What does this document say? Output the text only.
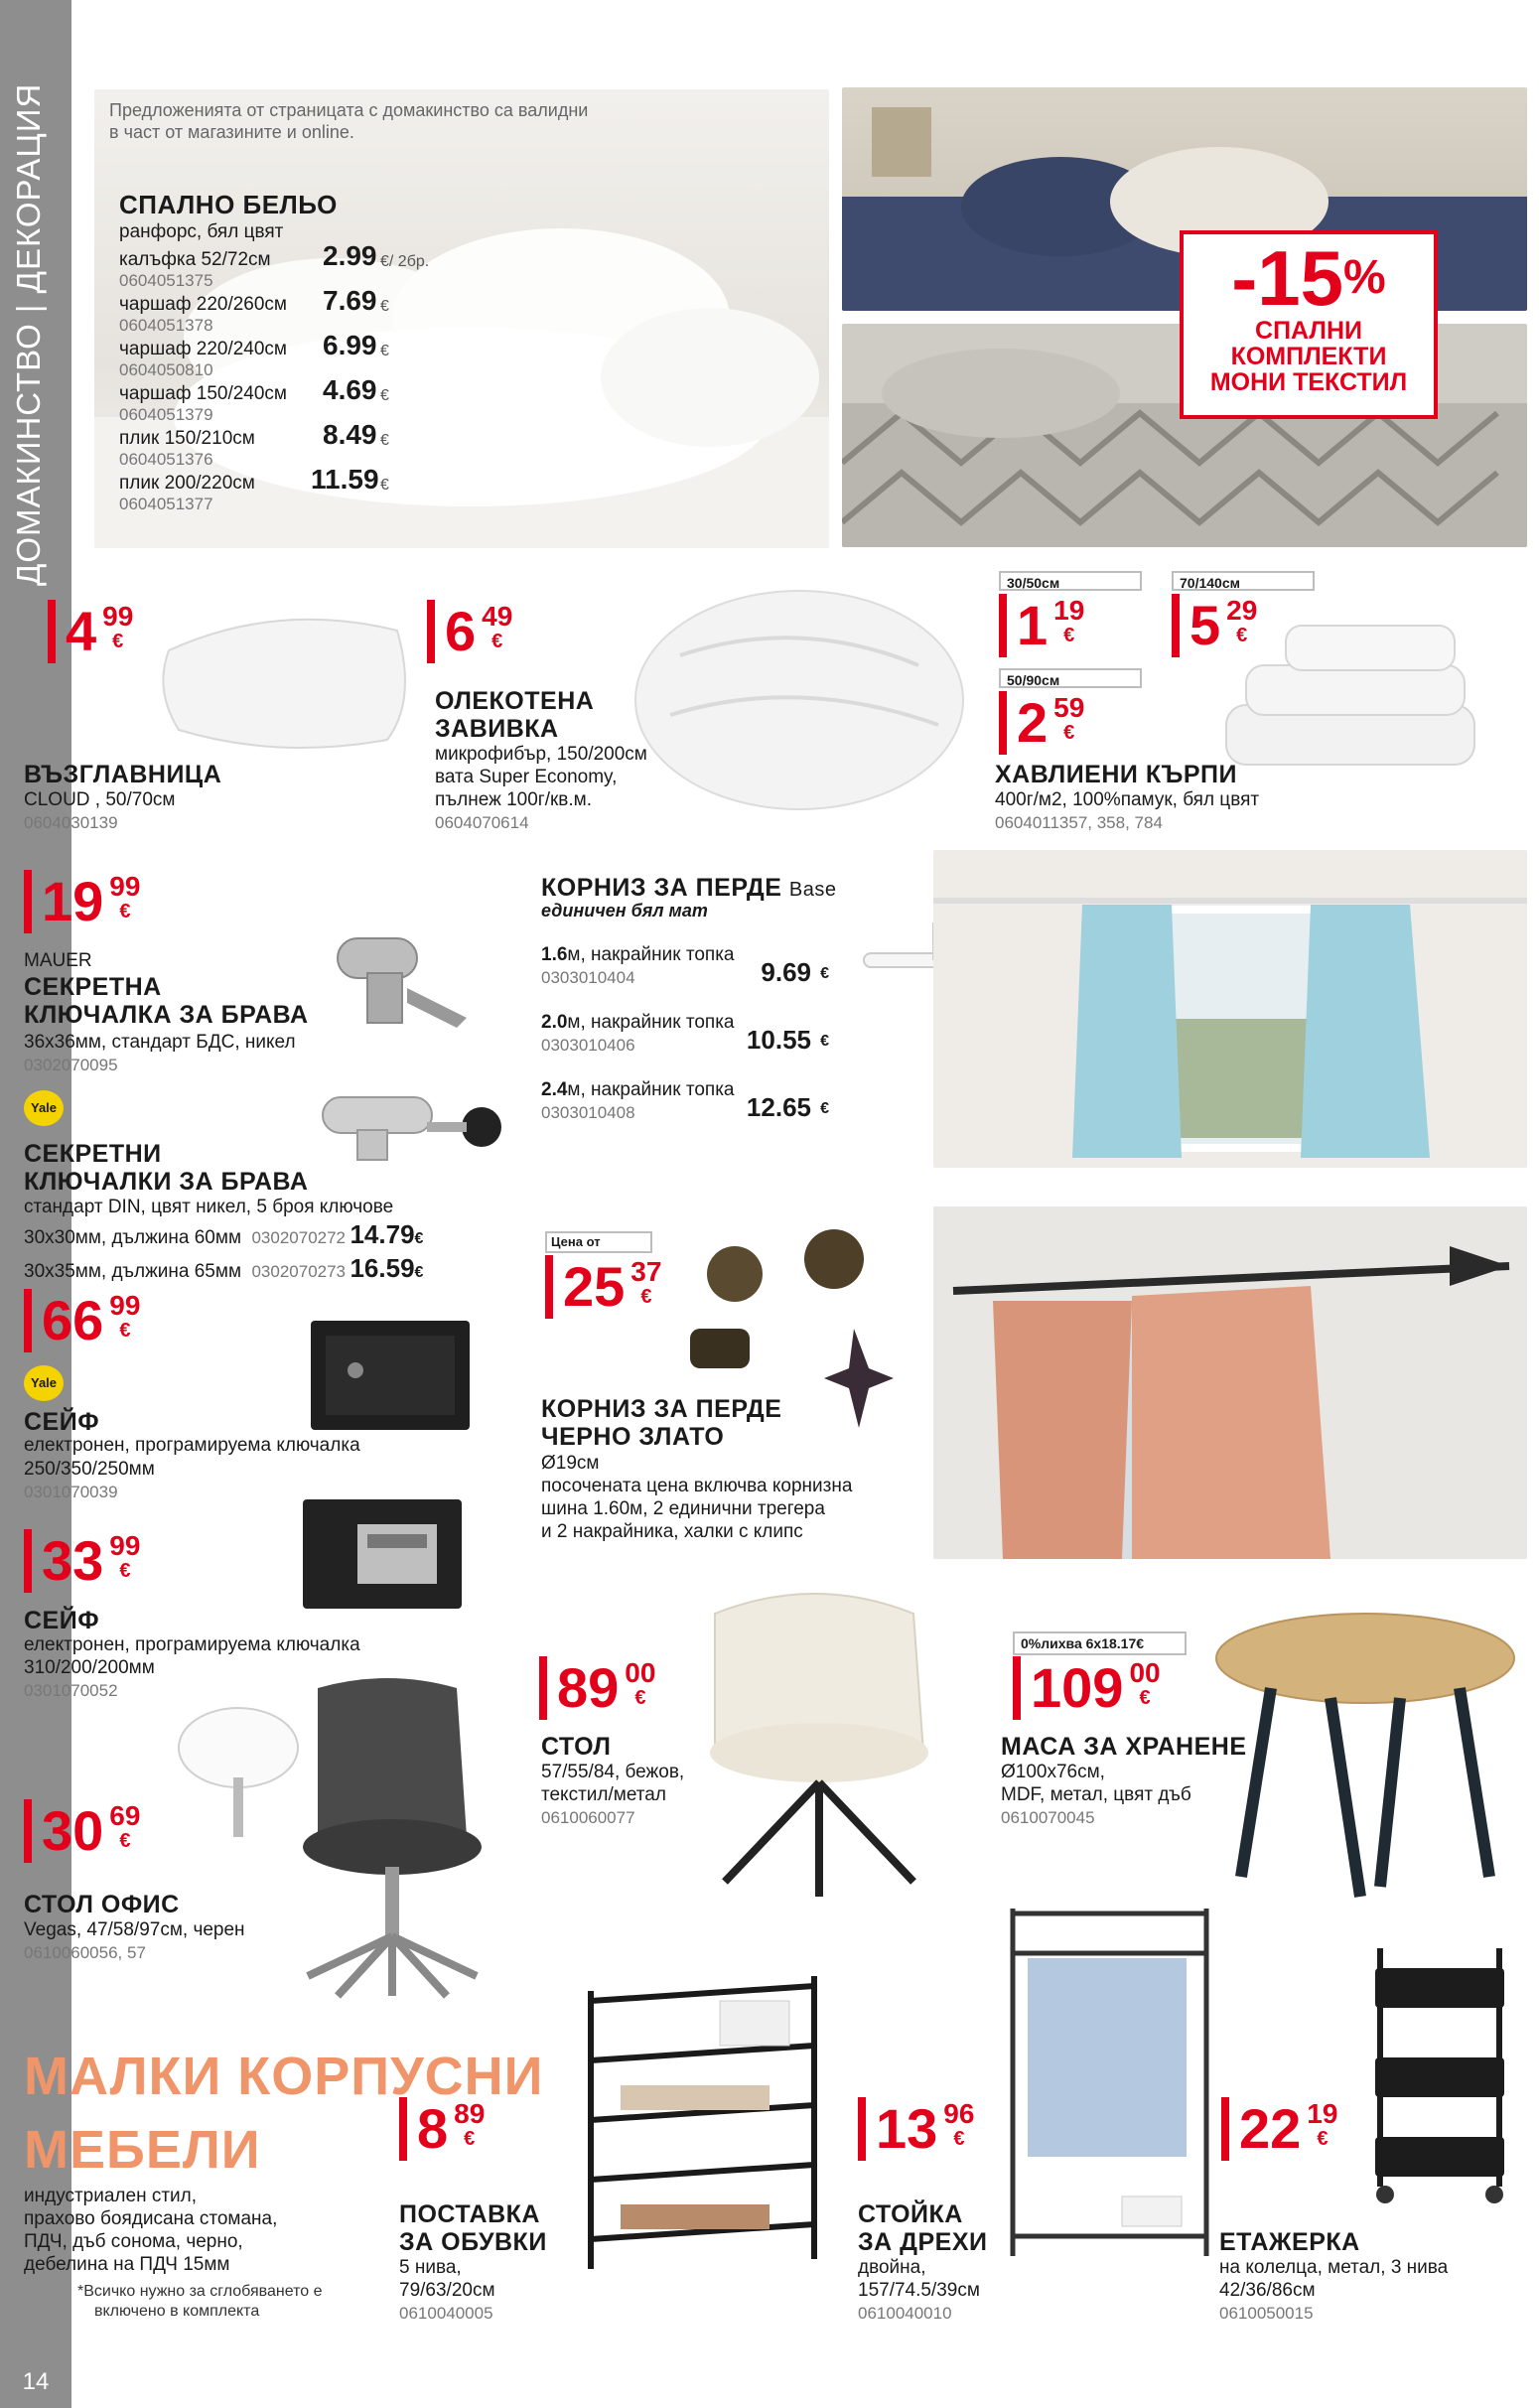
ДОМАКИНСТВО | ДЕКОРАЦИЯ
14
Предложенията от страницата с домакинство са валидни
в част от магазините и online.
СПАЛНО БЕЛЬО
ранфорс, бял цвят
калъфка 52/72см 2.99 €/ 2бр.
0604051375
чаршаф 220/260см 7.69 €
0604051378
чаршаф 220/240см 6.99 €
0604050810
чаршаф 150/240см 4.69 €
0604051379
плик 150/210см 8.49 €
0604051376
плик 200/220см 11.59 €
0604051377
-15%
СПАЛНИ
КОМПЛЕКТИ
МОНИ ТЕКСТИЛ
4 99
€
ВЪЗГЛАВНИЦА
CLOUD , 50/70см
0604030139
6 49
€
ОЛЕКОТЕНА
ЗАВИВКА
микрофибър, 150/200см
вата Super Economy,
пълнеж 100г/кв.м.
0604070614
30/50см
1 19
€
70/140см
5 29
€
50/90см
2 59
€
ХАВЛИЕНИ КЪРПИ
400г/м2, 100%памук, бял цвят
0604011357, 358, 784
19 99
€
MAUER
СЕКРЕТНА
КЛЮЧАЛКА ЗА БРАВА
36х36мм, стандарт БДС, никел
0302070095
Yale
СЕКРЕТНИ
КЛЮЧАЛКИ ЗА БРАВА
стандарт DIN, цвят никел, 5 броя ключове
30х30мм, дължина 60мм 0302070272 14.79€
30х35мм, дължина 65мм 0302070273 16.59€
КОРНИЗ ЗА ПЕРДЕ Base
единичен бял мат
1.6м, накрайник топка
0303010404	9.69 €
2.0м, накрайник топка
0303010406	10.55 €
2.4м, накрайник топка
0303010408	12.65 €
66 99
€
Yale
СЕЙФ
електронен, програмируема ключалка
250/350/250мм
0301070039
Цена от
25 37
€
КОРНИЗ ЗА ПЕРДЕ
ЧЕРНО ЗЛАТО
Ø19см
посочената цена включва корнизна
шина 1.60м, 2 единични трегера
и 2 накрайника, халки с клипс
33 99
€
СЕЙФ
електронен, програмируема ключалка
310/200/200мм
0301070052	89 00
€
СТОЛ
57/55/84, бежов,
текстил/метал
0610060077
0%лихва 6х18.17€
109 00
€
МАСА ЗА ХРАНЕНЕ
Ø100х76см,
MDF, метал, цвят дъб
0610070045
30 69
€
СТОЛ ОФИС
Vegas, 47/58/97см, черен
0610060056, 57
МАЛКИ КОРПУСНИ
МЕБЕЛИ
индустриален стил,
прахово боядисана стомана,
ПДЧ, дъб сонома, черно,
дебелина на ПДЧ 15мм
*Всичко нужно за сглобяването е
включено в комплекта
8 89
€
ПОСТАВКА
ЗА ОБУВКИ
5 нива,
79/63/20см
0610040005
13 96
€
СТОЙКА
ЗА ДРЕХИ
двойна,
157/74.5/39см
0610040010
22 19
€
ЕТАЖЕРКА
на колелца, метал, 3 нива
42/36/86см
0610050015
